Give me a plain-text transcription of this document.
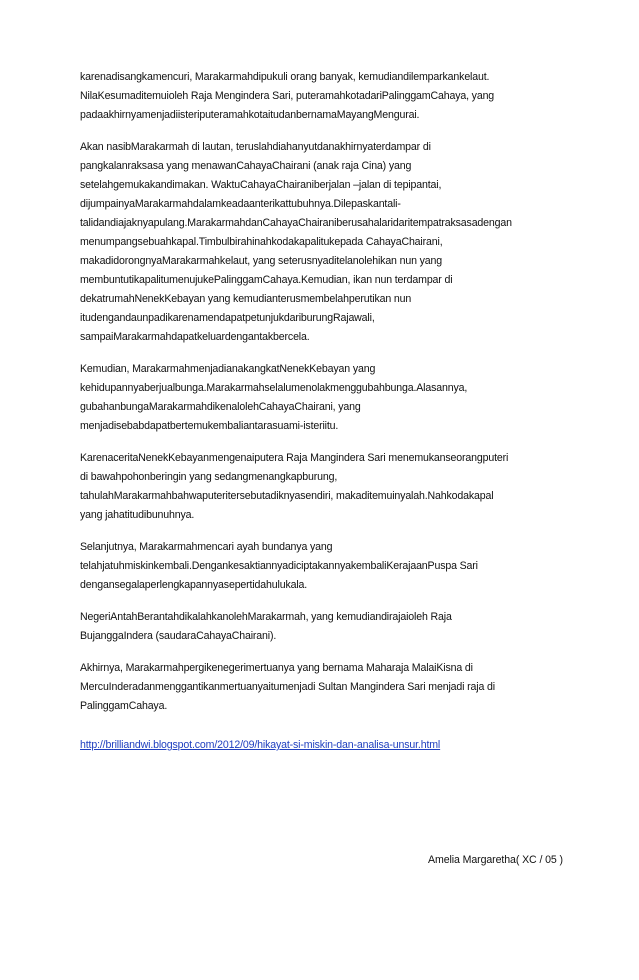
karenadisangkamencuri, Marakarmahdipukuli orang banyak, kemudiandilemparkankelaut.
NilaKesumaditemuioleh Raja Mengindera Sari, puteramahkotadariPalinggamCahaya, yang
padaakhirnyamenjadiisteriputeramahkotaitudanbernamaMayangMengurai.

Akan nasibMarakarmah di lautan, teruslahdiahanyutdanakhirnyaterdampar di
pangkalanraksasa yang menawanCahayaChairani (anak raja Cina) yang
setelahgemukakandimakan. WaktuCahayaChairaniberjalan –jalan di tepipantai,
dijumpainyaMarakarmahdalamkeadaanterikattubuhnya.Dilepaskantali-
talidandiajaknyapulang.MarakarmahdanCahayaChairaniberusahalaridaritempatraksasadengan
menumpangsebuahkapal.Timbulbirahinahkodakapalitukepada CahayaChairani,
makadidorongnyaMarakarmahkelaut, yang seterusnyaditelanolehikan nun yang
membuntutikapalitumenujukePalinggamCahaya.Kemudian, ikan nun terdampar di
dekatrumahNenekKebayan yang kemudianterusmembelahperutikan nun
itudengandaunpadikarenamendapatpetunjukdariburungRajawali,
sampaiMarakarmahdapatkeluardengantakbercela.

Kemudian, MarakarmahmenjadianakangkatNenekKebayan yang
kehidupannyaberjualbunga.Marakarmahselalumenolakmenggubahbunga.Alasannya,
gubahanbungaMarakarmahdikenalolehCahayaChairani, yang
menjadisebabdapatbertemukembaliantarasuami-isteriitu.

KarenaceritaNenekKebayanmengenaiputera Raja Mangindera Sari menemukanseorangputeri
di bawahpohonberingin yang sedangmenangkapburung,
tahulahMarakarmahbahwaputeritersebutadiknyasendiri, makaditemuinyalah.Nahkodakapal
yang jahatitudibunuhnya.

Selanjutnya, Marakarmahmencari ayah bundanya yang
telahjatuhmiskinkembali.DengankesaktiannyadiciptakannyakembaliKerajaanPuspa Sari
dengansegalaperlengkapannyasepertidahulukala.

NegeriAntahBerantahdikalahkanolehMarakarmah, yang kemudiandirajaioleh Raja
BujanggaIndera (saudaraCahayaChairani).

Akhirnya, Marakarmahpergikenegerimertuanya yang bernama Maharaja MalaiKisna di
MercuInderadanmenggantikanmertuanyaitumenjadi Sultan Mangindera Sari menjadi raja di
PalinggamCahaya.

http://brilliandwi.blogspot.com/2012/09/hikayat-si-miskin-dan-analisa-unsur.html
Amelia Margaretha( XC / 05 )
